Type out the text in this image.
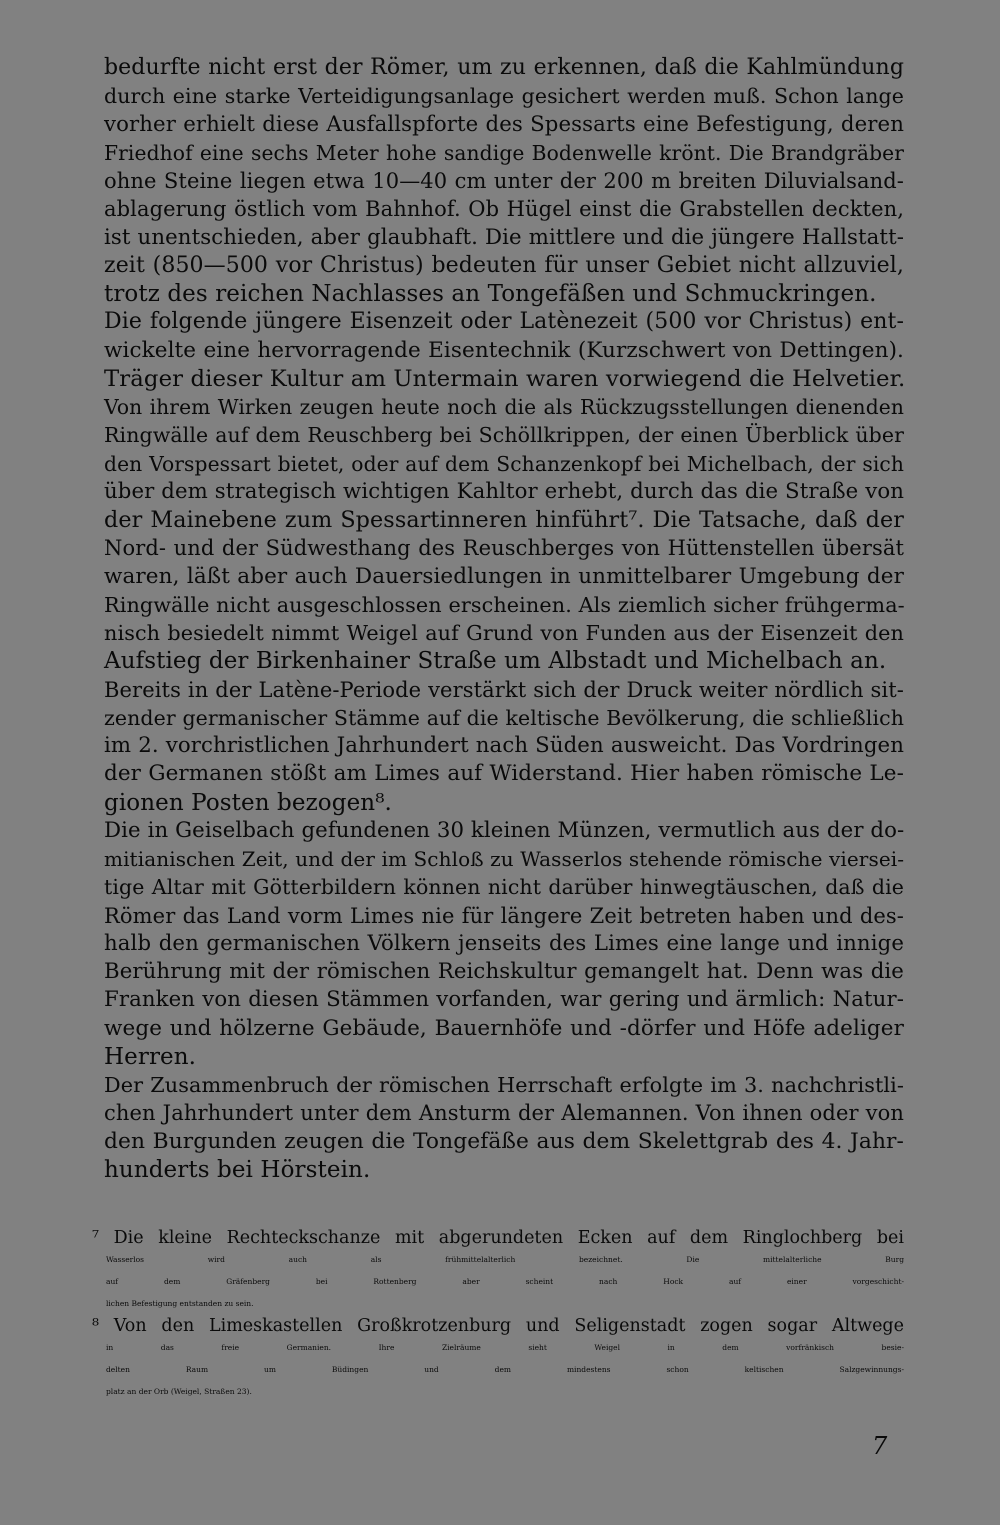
bedurfte nicht erst der Römer, um zu erkennen, daß die Kahlmündung
durch eine starke Verteidigungsanlage gesichert werden muß. Schon lange
vorher erhielt diese Ausfallspforte des Spessarts eine Befestigung, deren
Friedhof eine sechs Meter hohe sandige Bodenwelle krönt. Die Brandgräber
ohne Steine liegen etwa 10—40 cm unter der 200 m breiten Diluvialsand-
ablagerung östlich vom Bahnhof. Ob Hügel einst die Grabstellen deckten,
ist unentschieden, aber glaubhaft. Die mittlere und die jüngere Hallstatt-
zeit (850—500 vor Christus) bedeuten für unser Gebiet nicht allzuviel,
trotz des reichen Nachlasses an Tongefäßen und Schmuckringen.
Die folgende jüngere Eisenzeit oder Latènezeit (500 vor Christus) ent-
wickelte eine hervorragende Eisentechnik (Kurzschwert von Dettingen).
Träger dieser Kultur am Untermain waren vorwiegend die Helvetier.
Von ihrem Wirken zeugen heute noch die als Rückzugsstellungen dienenden
Ringwälle auf dem Reuschberg bei Schöllkrippen, der einen Überblick über
den Vorspessart bietet, oder auf dem Schanzenkopf bei Michelbach, der sich
über dem strategisch wichtigen Kahltor erhebt, durch das die Straße von
der Mainebene zum Spessartinneren hinführt⁷. Die Tatsache, daß der
Nord- und der Südwesthang des Reuschberges von Hüttenstellen übersät
waren, läßt aber auch Dauersiedlungen in unmittelbarer Umgebung der
Ringwälle nicht ausgeschlossen erscheinen. Als ziemlich sicher frühgerma-
nisch besiedelt nimmt Weigel auf Grund von Funden aus der Eisenzeit den
Aufstieg der Birkenhainer Straße um Albstadt und Michelbach an.
Bereits in der Latène-Periode verstärkt sich der Druck weiter nördlich sit-
zender germanischer Stämme auf die keltische Bevölkerung, die schließlich
im 2. vorchristlichen Jahrhundert nach Süden ausweicht. Das Vordringen
der Germanen stößt am Limes auf Widerstand. Hier haben römische Le-
gionen Posten bezogen⁸.
Die in Geiselbach gefundenen 30 kleinen Münzen, vermutlich aus der do-
mitianischen Zeit, und der im Schloß zu Wasserlos stehende römische viersei-
tige Altar mit Götterbildern können nicht darüber hinwegtäuschen, daß die
Römer das Land vorm Limes nie für längere Zeit betreten haben und des-
halb den germanischen Völkern jenseits des Limes eine lange und innige
Berührung mit der römischen Reichskultur gemangelt hat. Denn was die
Franken von diesen Stämmen vorfanden, war gering und ärmlich: Natur-
wege und hölzerne Gebäude, Bauernhöfe und -dörfer und Höfe adeliger
Herren.
Der Zusammenbruch der römischen Herrschaft erfolgte im 3. nachchristli-
chen Jahrhundert unter dem Ansturm der Alemannen. Von ihnen oder von
den Burgunden zeugen die Tongefäße aus dem Skelettgrab des 4. Jahr-
hunderts bei Hörstein.
⁷ Die kleine Rechteckschanze mit abgerundeten Ecken auf dem Ringlochberg bei
Wasserlos wird auch als frühmittelalterlich bezeichnet. Die mittelalterliche Burg
auf dem Gräfenberg bei Rottenberg aber scheint nach Hock auf einer vorgeschicht-
lichen Befestigung entstanden zu sein.
⁸ Von den Limeskastellen Großkrotzenburg und Seligenstadt zogen sogar Altwege
in das freie Germanien. Ihre Zielräume sieht Weigel in dem vorfränkisch besie-
delten Raum um Büdingen und dem mindestens schon keltischen Salzgewinnungs-
platz an der Orb (Weigel, Straßen 23).
7
